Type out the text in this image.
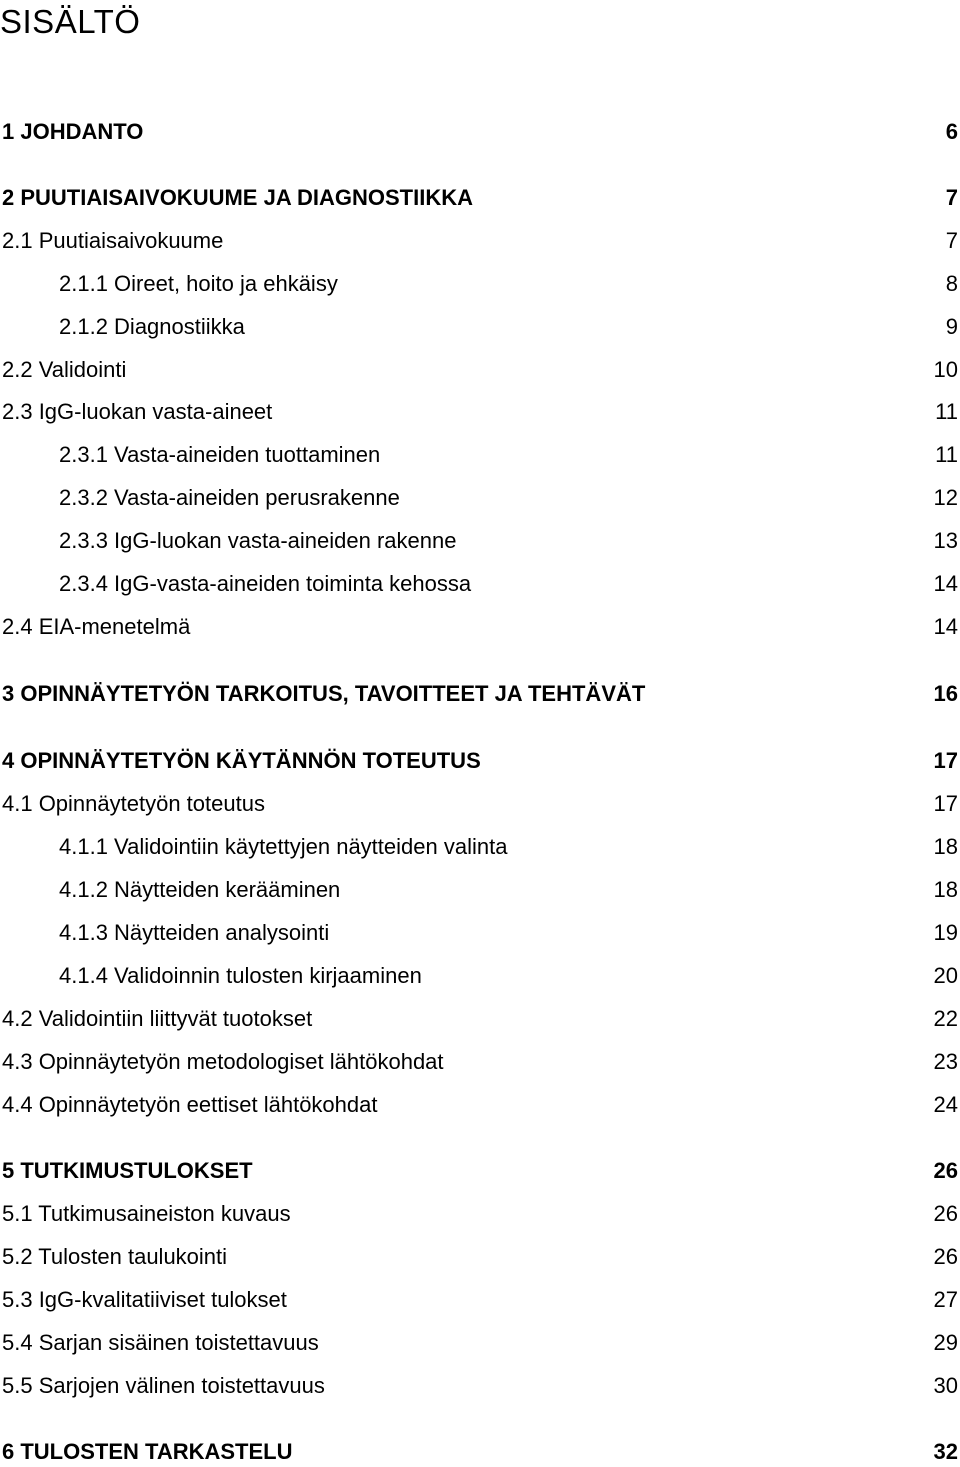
SISÄLTÖ
1 JOHDANTO	6
2 PUUTIAISAIVOKUUME JA DIAGNOSTIIKKA	7
2.1 Puutiaisaivokuume	7
2.1.1 Oireet, hoito ja ehkäisy	8
2.1.2 Diagnostiikka	9
2.2 Validointi	10
2.3 IgG-luokan vasta-aineet	11
2.3.1 Vasta-aineiden tuottaminen	11
2.3.2 Vasta-aineiden perusrakenne	12
2.3.3 IgG-luokan vasta-aineiden rakenne	13
2.3.4 IgG-vasta-aineiden toiminta kehossa	14
2.4 EIA-menetelmä	14
3 OPINNÄYTETYÖN TARKOITUS, TAVOITTEET JA TEHTÄVÄT	16
4 OPINNÄYTETYÖN KÄYTÄNNÖN TOTEUTUS	17
4.1 Opinnäytetyön toteutus	17
4.1.1 Validointiin käytettyjen näytteiden valinta	18
4.1.2 Näytteiden kerääminen	18
4.1.3 Näytteiden analysointi	19
4.1.4 Validoinnin tulosten kirjaaminen	20
4.2 Validointiin liittyvät tuotokset	22
4.3 Opinnäytetyön metodologiset lähtökohdat	23
4.4 Opinnäytetyön eettiset lähtökohdat	24
5 TUTKIMUSTULOKSET	26
5.1 Tutkimusaineiston kuvaus	26
5.2 Tulosten taulukointi	26
5.3 IgG-kvalitatiiviset tulokset	27
5.4 Sarjan sisäinen toistettavuus	29
5.5 Sarjojen välinen toistettavuus	30
6 TULOSTEN TARKASTELU	32
